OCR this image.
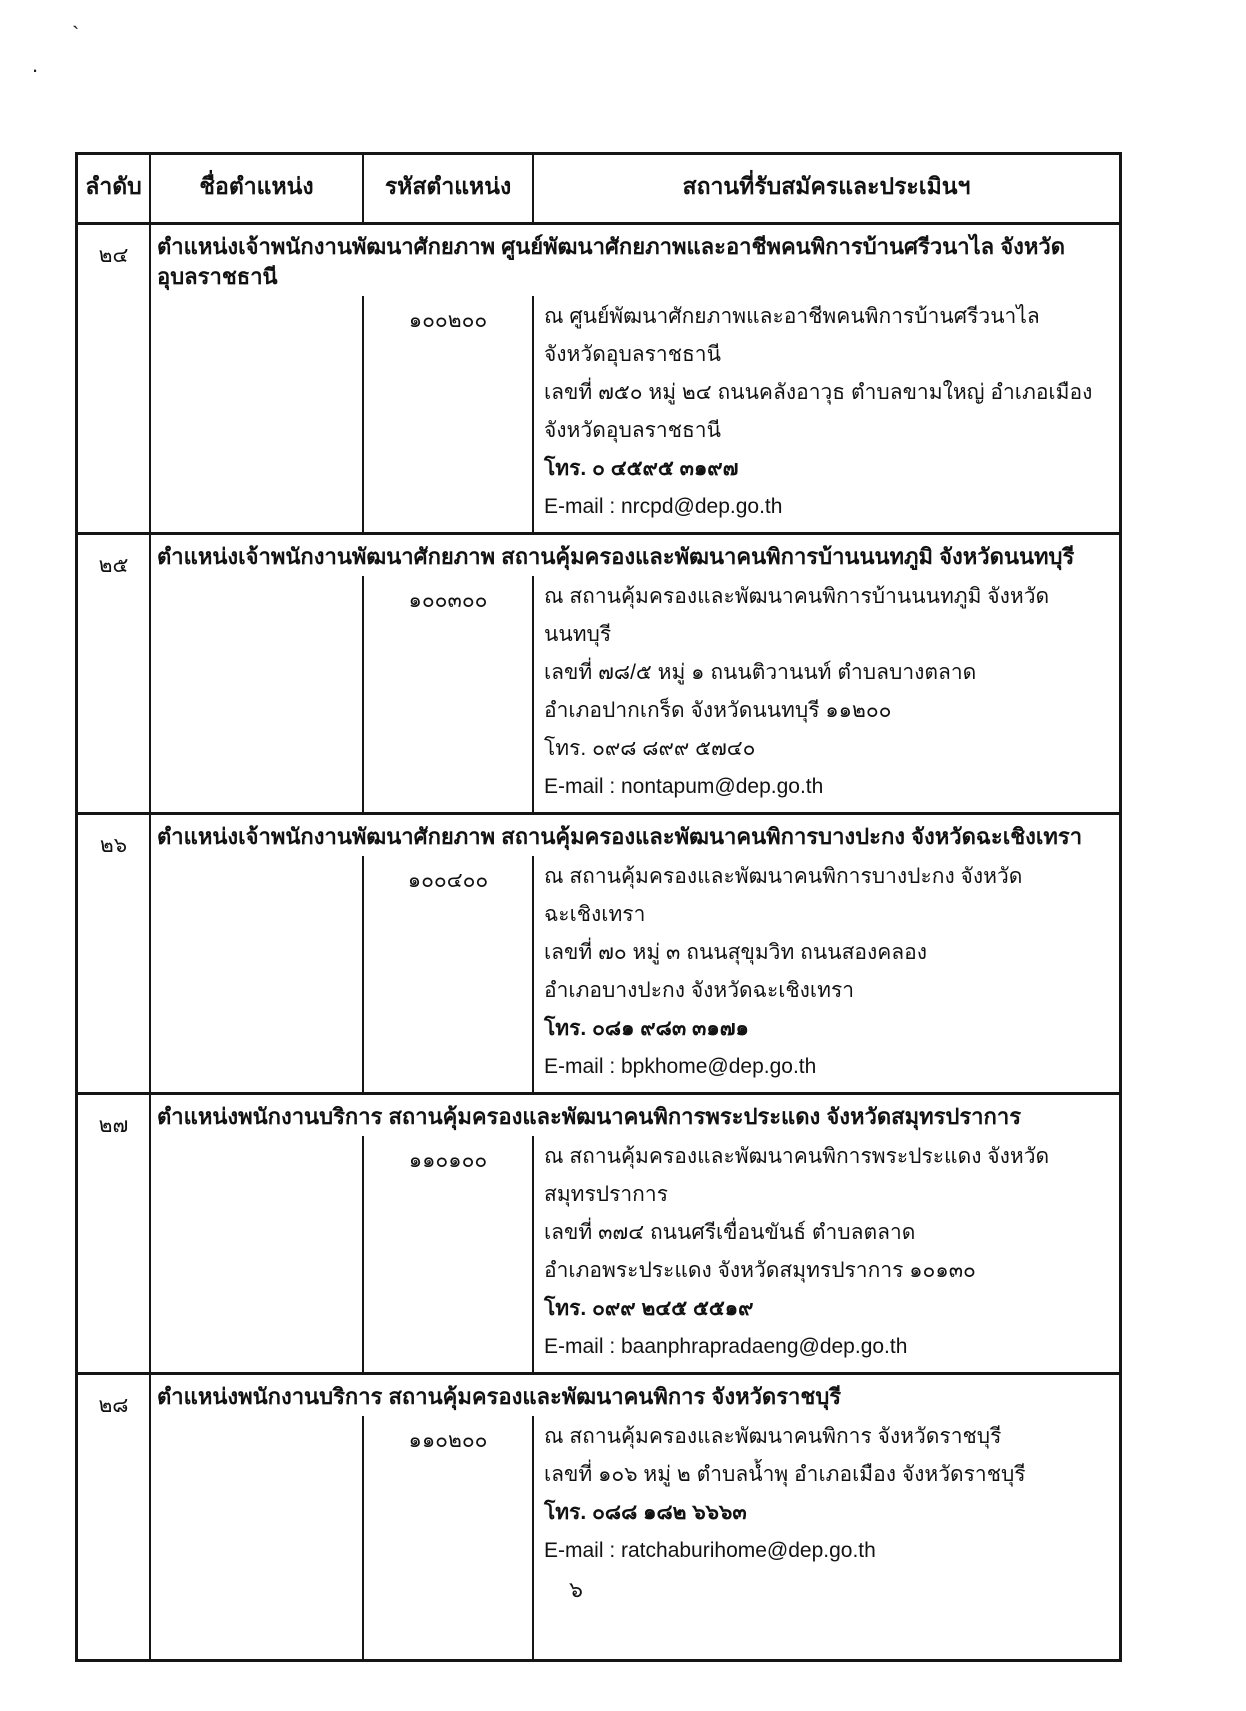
`
.
ลำดับ	ชื่อตำแหน่ง	รหัสตำแหน่ง	สถานที่รับสมัครและประเมินฯ
๒๔	ตำแหน่งเจ้าพนักงานพัฒนาศักยภาพ ศูนย์พัฒนาศักยภาพและอาชีพคนพิการบ้านศรีวนาไล จังหวัดอุบลราชธานี
๑๐๐๒๐๐	ณ ศูนย์พัฒนาศักยภาพและอาชีพคนพิการบ้านศรีวนาไล
จังหวัดอุบลราชธานี
เลขที่ ๗๕๐ หมู่ ๒๔ ถนนคลังอาวุธ ตำบลขามใหญ่ อำเภอเมือง
จังหวัดอุบลราชธานี
โทร. ๐ ๔๕๙๕ ๓๑๙๗
E-mail : nrcpd@dep.go.th
๒๕	ตำแหน่งเจ้าพนักงานพัฒนาศักยภาพ สถานคุ้มครองและพัฒนาคนพิการบ้านนนทภูมิ จังหวัดนนทบุรี
๑๐๐๓๐๐	ณ สถานคุ้มครองและพัฒนาคนพิการบ้านนนทภูมิ จังหวัดนนทบุรี
เลขที่ ๗๘/๕ หมู่ ๑ ถนนติวานนท์ ตำบลบางตลาด
อำเภอปากเกร็ด จังหวัดนนทบุรี ๑๑๒๐๐
โทร. ๐๙๘ ๘๙๙ ๕๗๔๐
E-mail : nontapum@dep.go.th
๒๖	ตำแหน่งเจ้าพนักงานพัฒนาศักยภาพ สถานคุ้มครองและพัฒนาคนพิการบางปะกง จังหวัดฉะเชิงเทรา
๑๐๐๔๐๐	ณ สถานคุ้มครองและพัฒนาคนพิการบางปะกง จังหวัดฉะเชิงเทรา
เลขที่ ๗๐ หมู่ ๓ ถนนสุขุมวิท ถนนสองคลอง
อำเภอบางปะกง จังหวัดฉะเชิงเทรา
โทร. ๐๘๑ ๙๘๓ ๓๑๗๑
E-mail : bpkhome@dep.go.th
๒๗	ตำแหน่งพนักงานบริการ สถานคุ้มครองและพัฒนาคนพิการพระประแดง จังหวัดสมุทรปราการ
๑๑๐๑๐๐	ณ สถานคุ้มครองและพัฒนาคนพิการพระประแดง จังหวัดสมุทรปราการ
เลขที่ ๓๗๔ ถนนศรีเขื่อนขันธ์ ตำบลตลาด
อำเภอพระประแดง จังหวัดสมุทรปราการ ๑๐๑๓๐
โทร. ๐๙๙ ๒๔๕ ๕๕๑๙
E-mail : baanphrapradaeng@dep.go.th
๒๘	ตำแหน่งพนักงานบริการ สถานคุ้มครองและพัฒนาคนพิการ จังหวัดราชบุรี
๑๑๐๒๐๐	ณ สถานคุ้มครองและพัฒนาคนพิการ จังหวัดราชบุรี
เลขที่ ๑๐๖ หมู่ ๒ ตำบลน้ำพุ อำเภอเมือง จังหวัดราชบุรี
โทร. ๐๘๘ ๑๘๒ ๖๖๖๓
E-mail : ratchaburihome@dep.go.th
๖
